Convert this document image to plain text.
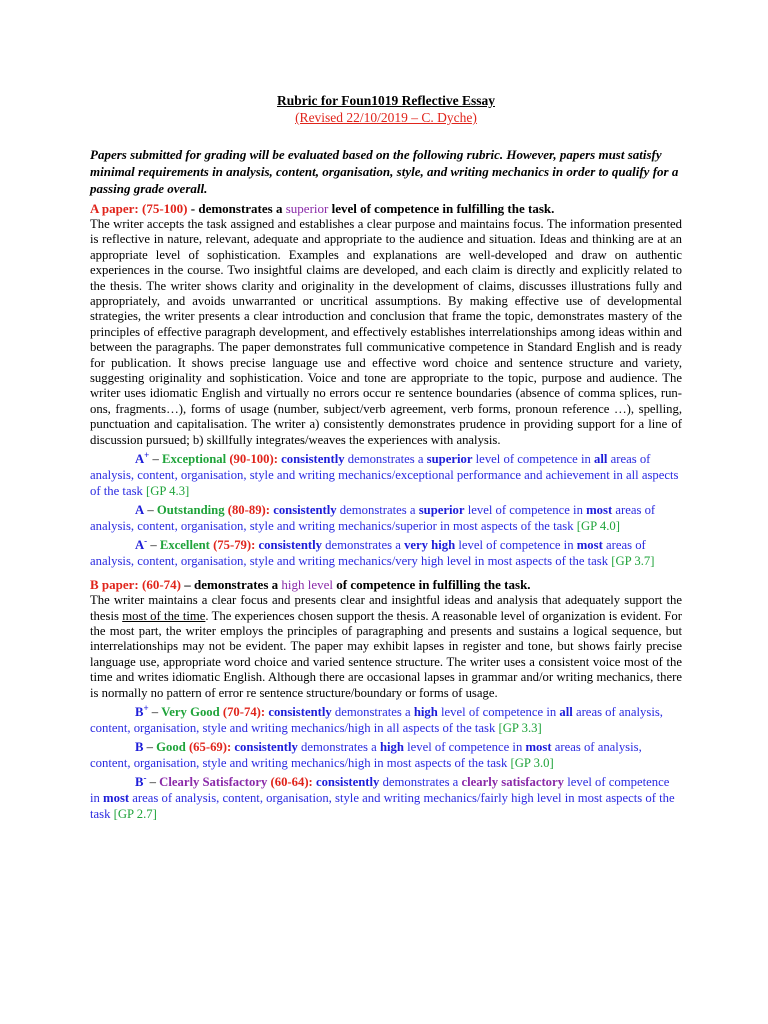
Rubric for Foun1019 Reflective Essay
(Revised 22/10/2019 – C. Dyche)
Papers submitted for grading will be evaluated based on the following rubric. However, papers must satisfy minimal requirements in analysis, content, organisation, style, and writing mechanics in order to qualify for a passing grade overall.
A paper: (75-100) - demonstrates a superior level of competence in fulfilling the task.
The writer accepts the task assigned and establishes a clear purpose and maintains focus. The information presented is reflective in nature, relevant, adequate and appropriate to the audience and situation. Ideas and thinking are at an appropriate level of sophistication. Examples and explanations are well-developed and draw on authentic experiences in the course. Two insightful claims are developed, and each claim is directly and explicitly related to the thesis. The writer shows clarity and originality in the development of claims, discusses illustrations fully and appropriately, and avoids unwarranted or uncritical assumptions. By making effective use of developmental strategies, the writer presents a clear introduction and conclusion that frame the topic, demonstrates mastery of the principles of effective paragraph development, and effectively establishes interrelationships among ideas within and between the paragraphs. The paper demonstrates full communicative competence in Standard English and is ready for publication. It shows precise language use and effective word choice and sentence structure and variety, suggesting originality and sophistication. Voice and tone are appropriate to the topic, purpose and audience. The writer uses idiomatic English and virtually no errors occur re sentence boundaries (absence of comma splices, run-ons, fragments…), forms of usage (number, subject/verb agreement, verb forms, pronoun reference …), spelling, punctuation and capitalisation. The writer a) consistently demonstrates prudence in providing support for a line of discussion pursued; b) skillfully integrates/weaves the experiences with analysis.
A+ – Exceptional (90-100): consistently demonstrates a superior level of competence in all areas of analysis, content, organisation, style and writing mechanics/exceptional performance and achievement in all aspects of the task [GP 4.3]
A – Outstanding (80-89): consistently demonstrates a superior level of competence in most areas of analysis, content, organisation, style and writing mechanics/superior in most aspects of the task [GP 4.0]
A- – Excellent (75-79): consistently demonstrates a very high level of competence in most areas of analysis, content, organisation, style and writing mechanics/very high level in most aspects of the task [GP 3.7]
B paper: (60-74) – demonstrates a high level of competence in fulfilling the task.
The writer maintains a clear focus and presents clear and insightful ideas and analysis that adequately support the thesis most of the time. The experiences chosen support the thesis. A reasonable level of organization is evident. For the most part, the writer employs the principles of paragraphing and presents and sustains a logical sequence, but interrelationships may not be evident. The paper may exhibit lapses in register and tone, but shows fairly precise language use, appropriate word choice and varied sentence structure. The writer uses a consistent voice most of the time and writes idiomatic English. Although there are occasional lapses in grammar and/or writing mechanics, there is normally no pattern of error re sentence structure/boundary or forms of usage.
B+ – Very Good (70-74): consistently demonstrates a high level of competence in all areas of analysis, content, organisation, style and writing mechanics/high in all aspects of the task [GP 3.3]
B – Good (65-69): consistently demonstrates a high level of competence in most areas of analysis, content, organisation, style and writing mechanics/high in most aspects of the task [GP 3.0]
B- – Clearly Satisfactory (60-64): consistently demonstrates a clearly satisfactory level of competence in most areas of analysis, content, organisation, style and writing mechanics/fairly high level in most aspects of the task [GP 2.7]
